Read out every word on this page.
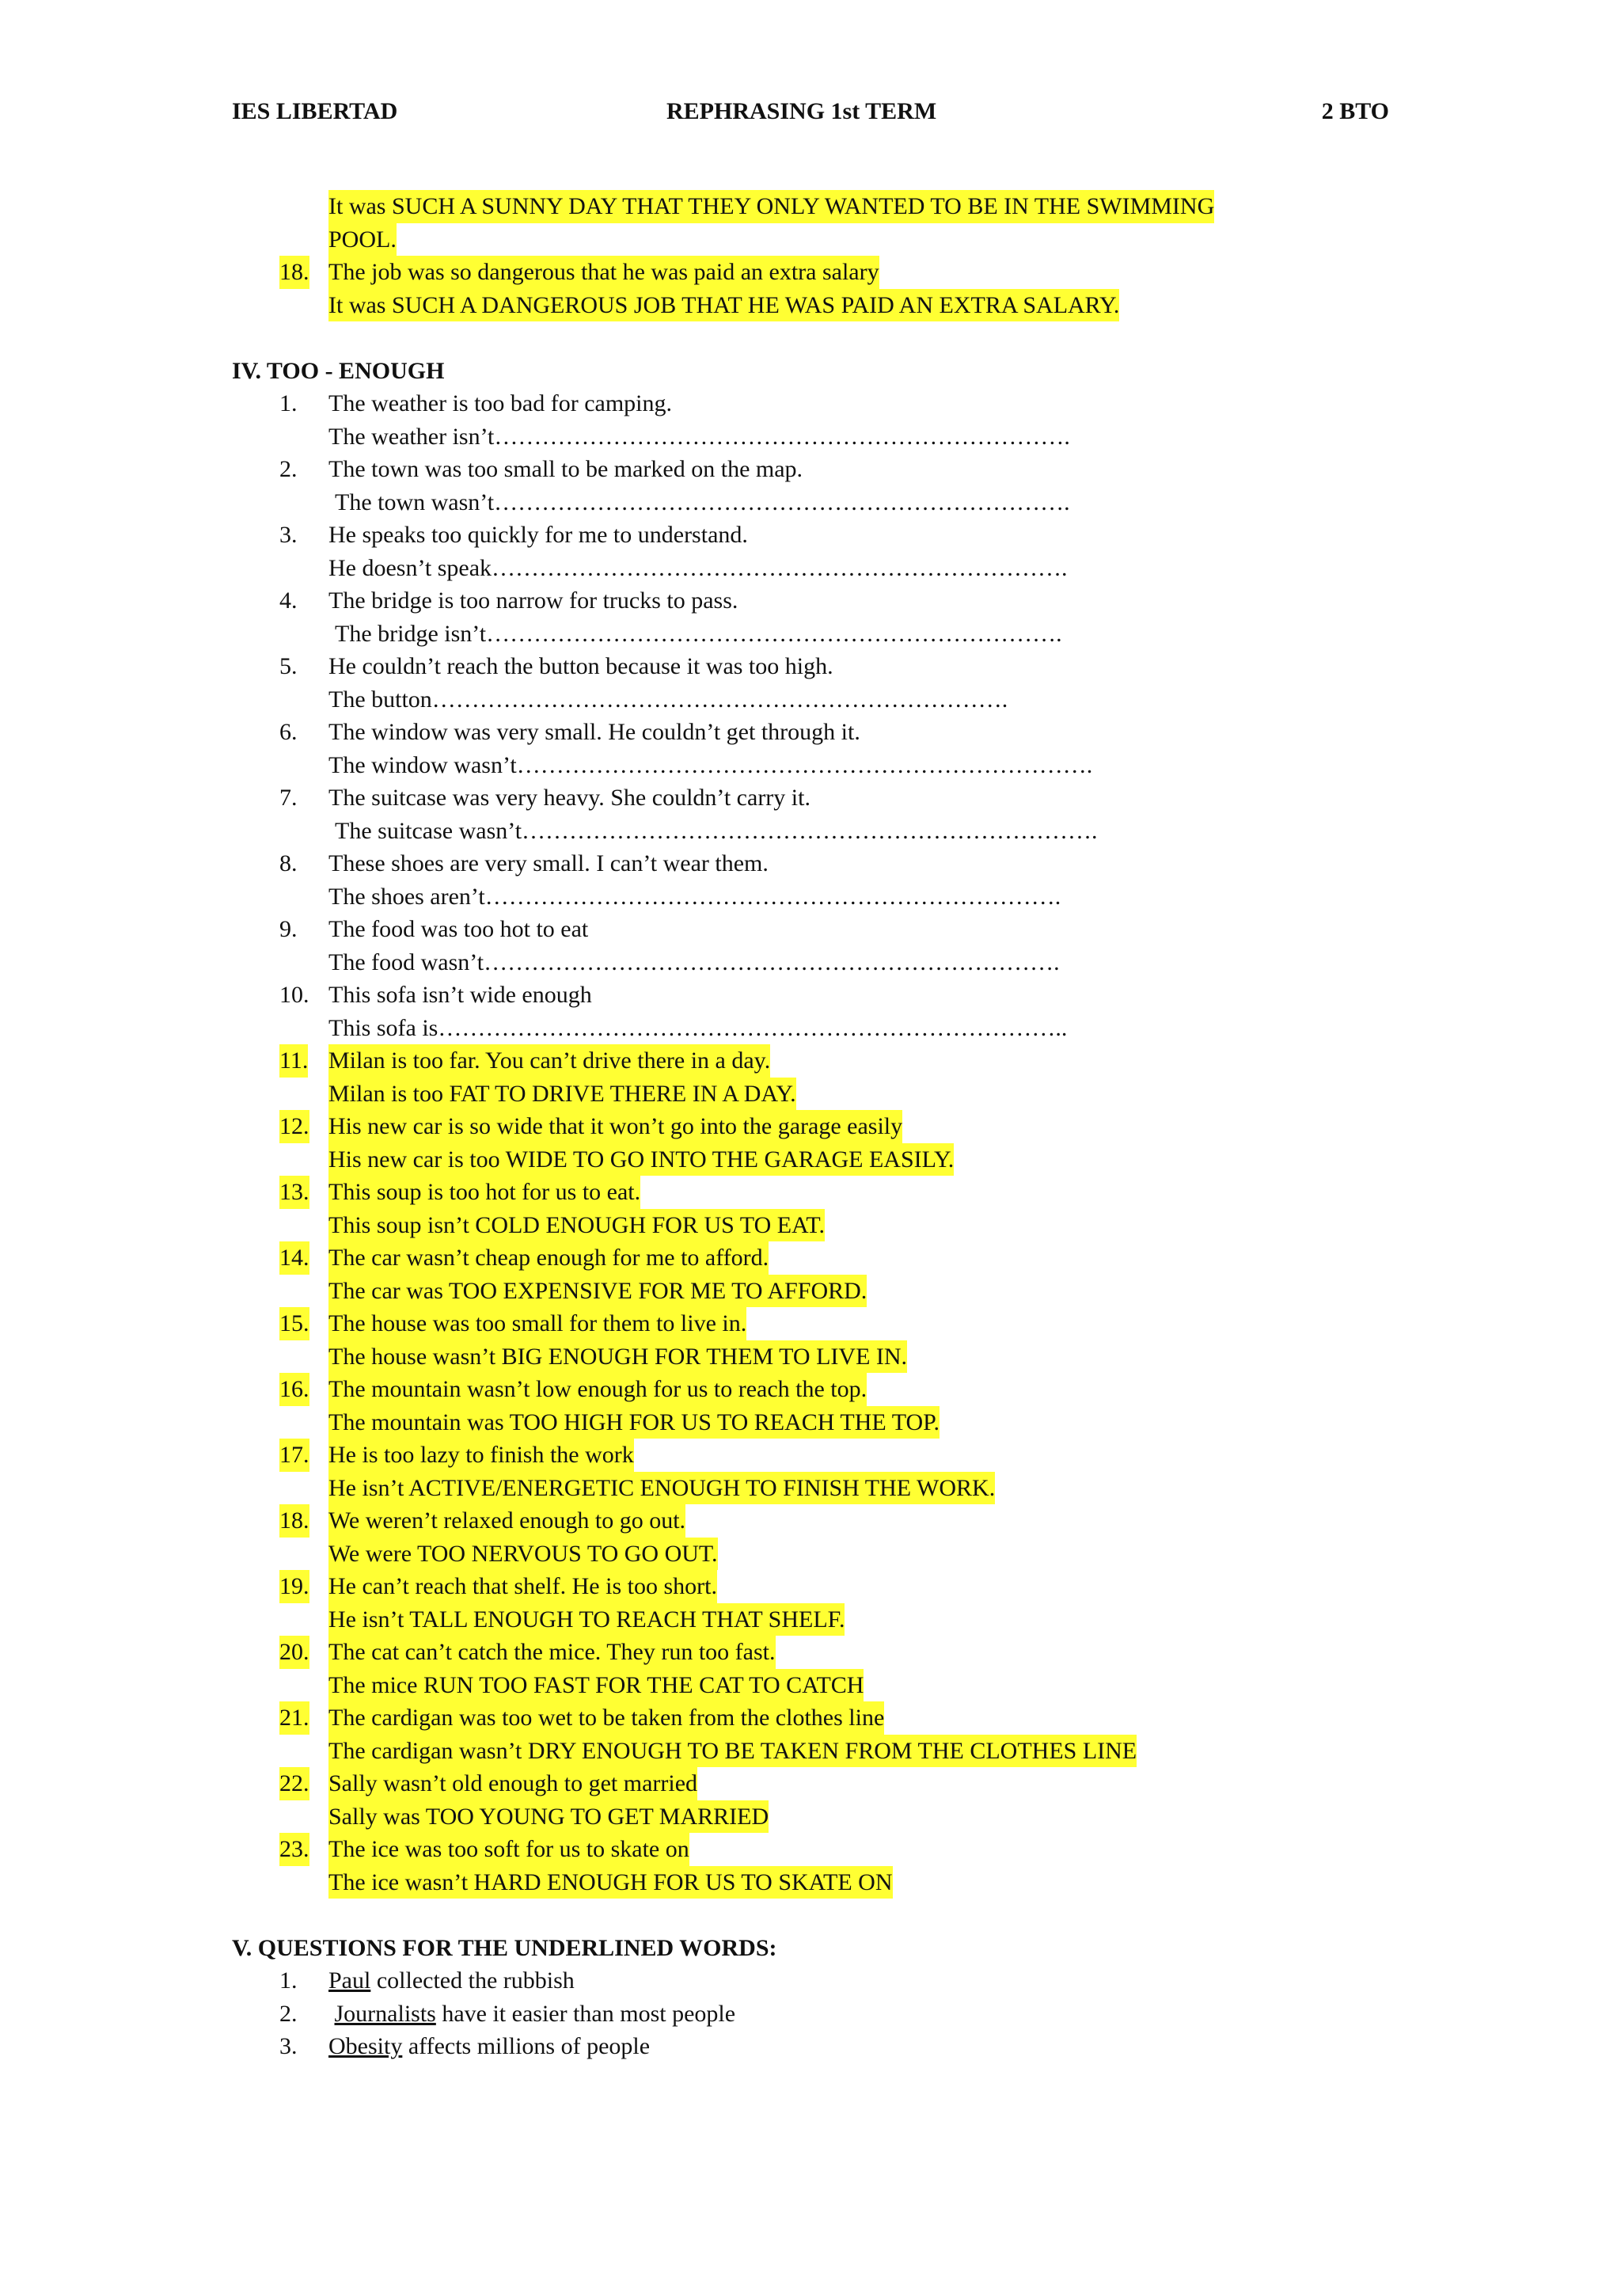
IES LIBERTAD	REPHRASING 1st TERM	2 BTO
It was SUCH A SUNNY DAY THAT THEY ONLY WANTED TO BE IN THE SWIMMING
POOL.
18. The job was so dangerous that he was paid an extra salary
It was SUCH A DANGEROUS JOB THAT HE WAS PAID AN EXTRA SALARY.
IV. TOO - ENOUGH
1. The weather is too bad for camping.
The weather isn’t……………………………………………………………….
2. The town was too small to be marked on the map.
The town wasn’t……………………………………………………………….
3. He speaks too quickly for me to understand.
He doesn’t speak……………………………………………………………….
4. The bridge is too narrow for trucks to pass.
The bridge isn’t……………………………………………………………….
5. He couldn’t reach the button because it was too high.
The button……………………………………………………………….
6. The window was very small. He couldn’t get through it.
The window wasn’t……………………………………………………………….
7. The suitcase was very heavy. She couldn’t carry it.
The suitcase wasn’t……………………………………………………………….
8. These shoes are very small. I can’t wear them.
The shoes aren’t……………………………………………………………….
9. The food was too hot to eat
The food wasn’t……………………………………………………………….
10. This sofa isn’t wide enough
This sofa is……………………………………………………………………..
11. Milan is too far. You can’t drive there in a day.
Milan is too FAT TO DRIVE THERE IN A DAY.
12. His new car is so wide that it won’t go into the garage easily
His new car is too WIDE TO GO INTO THE GARAGE EASILY.
13. This soup is too hot for us to eat.
This soup isn’t COLD ENOUGH FOR US TO EAT.
14. The car wasn’t cheap enough for me to afford.
The car was TOO EXPENSIVE FOR ME TO AFFORD.
15. The house was too small for them to live in.
The house wasn’t BIG ENOUGH FOR THEM TO LIVE IN.
16. The mountain wasn’t low enough for us to reach the top.
The mountain was TOO HIGH FOR US TO REACH THE TOP.
17. He is too lazy to finish the work
He isn’t ACTIVE/ENERGETIC ENOUGH TO FINISH THE WORK.
18. We weren’t relaxed enough to go out.
We were TOO NERVOUS TO GO OUT.
19. He can’t reach that shelf. He is too short.
He isn’t TALL ENOUGH TO REACH THAT SHELF.
20. The cat can’t catch the mice. They run too fast.
The mice RUN TOO FAST FOR THE CAT TO CATCH
21. The cardigan was too wet to be taken from the clothes line
The cardigan wasn’t DRY ENOUGH TO BE TAKEN FROM THE CLOTHES LINE
22. Sally wasn’t old enough to get married
Sally was TOO YOUNG TO GET MARRIED
23. The ice was too soft for us to skate on
The ice wasn’t HARD ENOUGH FOR US TO SKATE ON
V. QUESTIONS FOR THE UNDERLINED WORDS:
1. Paul collected the rubbish
2. Journalists have it easier than most people
3. Obesity affects millions of people
